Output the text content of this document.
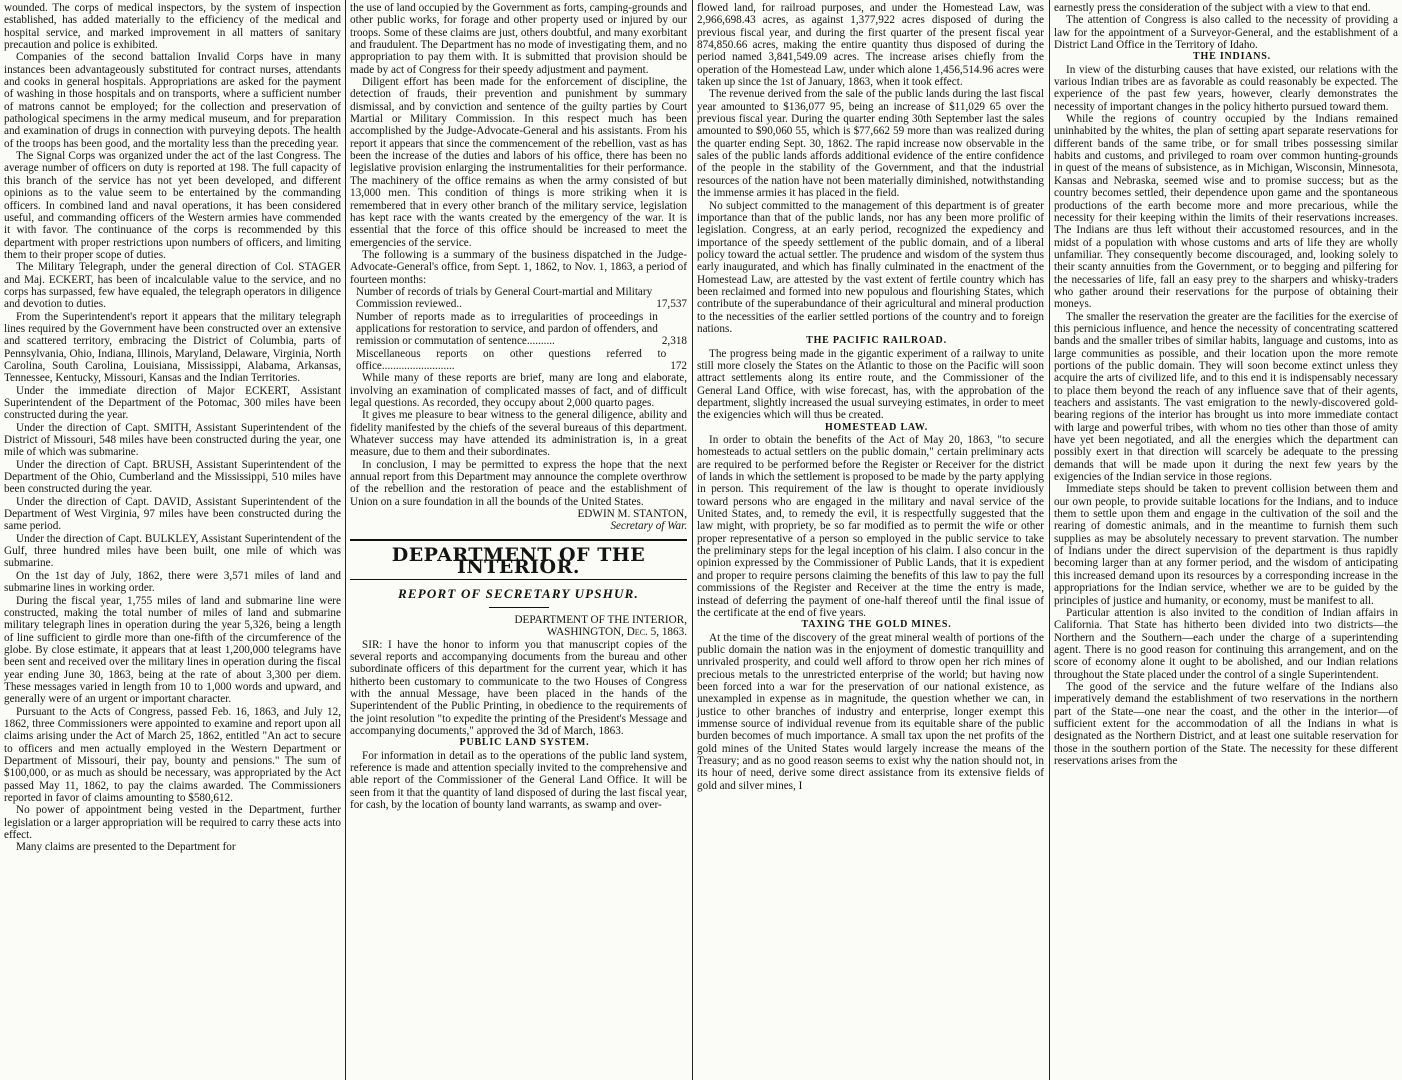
wounded. The corps of medical inspectors, by the system of inspection established, has added materially to the efficiency of the medical and hospital service, and marked improvement in all matters of sanitary precaution and police is exhibited.

Companies of the second battalion Invalid Corps have in many instances been advantageously substituted for contract nurses, attendants and cooks in general hospitals. Appropriations are asked for the payment of washing in those hospitals and on transports, where a sufficient number of matrons cannot be employed; for the collection and preservation of pathological specimens in the army medical museum, and for preparation and examination of drugs in connection with purveying depots. The health of the troops has been good, and the mortality less than the preceding year.

The Signal Corps was organized under the act of the last Congress. The average number of officers on duty is reported at 198. The full capacity of this branch of the service has not yet been developed, and different opinions as to the value seem to be entertained by the commanding officers. In combined land and naval operations, it has been considered useful, and commanding officers of the Western armies have commended it with favor. The continuance of the corps is recommended by this department with proper restrictions upon numbers of officers, and limiting them to their proper scope of duties.

The Military Telegraph, under the general direction of Col. STAGER and Maj. ECKERT, has been of incalculable value to the service, and no corps has surpassed, few have equaled, the telegraph operators in diligence and devotion to duties.

From the Superintendent's report it appears that the military telegraph lines required by the Government have been constructed over an extensive and scattered territory, embracing the District of Columbia, parts of Pennsylvania, Ohio, Indiana, Illinois, Maryland, Delaware, Virginia, North Carolina, South Carolina, Louisiana, Mississippi, Alabama, Arkansas, Tennessee, Kentucky, Missouri, Kansas and the Indian Territories.

Under the immediate direction of Major ECKERT, Assistant Superintendent of the Department of the Potomac, 300 miles have been constructed during the year.

Under the direction of Capt. SMITH, Assistant Superintendent of the District of Missouri, 548 miles have been constructed during the year, one mile of which was submarine.

Under the direction of Capt. BRUSH, Assistant Superintendent of the Department of the Ohio, Cumberland and the Mississippi, 510 miles have been constructed during the year.

Under the direction of Capt. DAVID, Assistant Superintendent of the Department of West Virginia, 97 miles have been constructed during the same period.

Under the direction of Capt. BULKLEY, Assistant Superintendent of the Gulf, three hundred miles have been built, one mile of which was submarine.

On the 1st day of July, 1862, there were 3,571 miles of land and submarine lines in working order.

During the fiscal year, 1,755 miles of land and submarine line were constructed, making the total number of miles of land and submarine military telegraph lines in operation during the year 5,326, being a length of line sufficient to girdle more than one-fifth of the circumference of the globe. By close estimate, it appears that at least 1,200,000 telegrams have been sent and received over the military lines in operation during the fiscal year ending June 30, 1863, being at the rate of about 3,300 per diem. These messages varied in length from 10 to 1,000 words and upward, and generally were of an urgent or important character.

Pursuant to the Acts of Congress, passed Feb. 16, 1863, and July 12, 1862, three Commissioners were appointed to examine and report upon all claims arising under the Act of March 25, 1862, entitled "An act to secure to officers and men actually employed in the Western Department or Department of Missouri, their pay, bounty and pensions." The sum of $100,000, or as much as should be necessary, was appropriated by the Act passed May 11, 1862, to pay the claims awarded. The Commissioners reported in favor of claims amounting to $580,612.

No power of appointment being vested in the Department, further legislation or a larger appropriation will be required to carry these acts into effect.

Many claims are presented to the Department for

the use of land occupied by the Government as forts, camping-grounds and other public works, for forage and other property used or injured by our troops. Some of these claims are just, others doubtful, and many exorbitant and fraudulent. The Department has no mode of investigating them, and no appropriation to pay them with. It is submitted that provision should be made by act of Congress for their speedy adjustment and payment.

Diligent effort has been made for the enforcement of discipline, the detection of frauds, their prevention and punishment by summary dismissal, and by conviction and sentence of the guilty parties by Court Martial or Military Commission. In this respect much has been accomplished by the Judge-Advocate-General and his assistants. From his report it appears that since the commencement of the rebellion, vast as has been the increase of the duties and labors of his office, there has been no legislative provision enlarging the instrumentalities for their performance. The machinery of the office remains as when the army consisted of but 13,000 men. This condition of things is more striking when it is remembered that in every other branch of the military service, legislation has kept race with the wants created by the emergency of the war. It is essential that the force of this office should be increased to meet the emergencies of the service.

The following is a summary of the business dispatched in the Judge-Advocate-General's office, from Sept. 1, 1862, to Nov. 1, 1863, a period of fourteen months:

Number of records of trials by General Court-martial and Military Commission reviewed..	17,537
Number of reports made as to irregularities of proceedings in applications for restoration to service, and pardon of offenders, and remission or commutation of sentence..........	2,318
Miscellaneous reports on other questions referred to office..........................	172

While many of these reports are brief, many are long and elaborate, involving an examination of complicated masses of fact, and of difficult legal questions. As recorded, they occupy about 2,000 quarto pages.

It gives me pleasure to bear witness to the general diligence, ability and fidelity manifested by the chiefs of the several bureaus of this department. Whatever success may have attended its administration is, in a great measure, due to them and their subordinates.

In conclusion, I may be permitted to express the hope that the next annual report from this Department may announce the complete overthrow of the rebellion and the restoration of peace and the establishment of Union on a sure foundation in all the bounds of the United States.

EDWIN M. STANTON,

Secretary of War.

DEPARTMENT OF THE INTERIOR.
REPORT OF SECRETARY UPSHUR.

DEPARTMENT OF THE INTERIOR,

WASHINGTON, Dec. 5, 1863.

SIR: I have the honor to inform you that manuscript copies of the several reports and accompanying documents from the bureau and other subordinate officers of this department for the current year, which it has hitherto been customary to communicate to the two Houses of Congress with the annual Message, have been placed in the hands of the Superintendent of the Public Printing, in obedience to the requirements of the joint resolution "to expedite the printing of the President's Message and accompanying documents," approved the 3d of March, 1863.

PUBLIC LAND SYSTEM.

For information in detail as to the operations of the public land system, reference is made and attention specially invited to the comprehensive and able report of the Commissioner of the General Land Office. It will be seen from it that the quantity of land disposed of during the last fiscal year, for cash, by the location of bounty land warrants, as swamp and over-

flowed land, for railroad purposes, and under the Homestead Law, was 2,966,698.43 acres, as against 1,377,922 acres disposed of during the previous fiscal year, and during the first quarter of the present fiscal year 874,850.66 acres, making the entire quantity thus disposed of during the period named 3,841,549.09 acres. The increase arises chiefly from the operation of the Homestead Law, under which alone 1,456,514.96 acres were taken up since the 1st of January, 1863, when it took effect.

The revenue derived from the sale of the public lands during the last fiscal year amounted to $136,077 95, being an increase of $11,029 65 over the previous fiscal year. During the quarter ending 30th September last the sales amounted to $90,060 55, which is $77,662 59 more than was realized during the quarter ending Sept. 30, 1862. The rapid increase now observable in the sales of the public lands affords additional evidence of the entire confidence of the people in the stability of the Government, and that the industrial resources of the nation have not been materially diminished, notwithstanding the immense armies it has placed in the field.

No subject committed to the management of this department is of greater importance than that of the public lands, nor has any been more prolific of legislation. Congress, at an early period, recognized the expediency and importance of the speedy settlement of the public domain, and of a liberal policy toward the actual settler. The prudence and wisdom of the system thus early inaugurated, and which has finally culminated in the enactment of the Homestead Law, are attested by the vast extent of fertile country which has been reclaimed and formed into new populous and flourishing States, which contribute of the superabundance of their agricultural and mineral production to the necessities of the earlier settled portions of the country and to foreign nations.

THE PACIFIC RAILROAD.

The progress being made in the gigantic experiment of a railway to unite still more closely the States on the Atlantic to those on the Pacific will soon attract settlements along its entire route, and the Commissioner of the General Land Office, with wise forecast, has, with the approbation of the department, slightly increased the usual surveying estimates, in order to meet the exigencies which will thus be created.

HOMESTEAD LAW.

In order to obtain the benefits of the Act of May 20, 1863, "to secure homesteads to actual settlers on the public domain," certain preliminary acts are required to be performed before the Register or Receiver for the district of lands in which the settlement is proposed to be made by the party applying in person. This requirement of the law is thought to operate invidiously toward persons who are engaged in the military and naval service of the United States, and, to remedy the evil, it is respectfully suggested that the law might, with propriety, be so far modified as to permit the wife or other proper representative of a person so employed in the public service to take the preliminary steps for the legal inception of his claim. I also concur in the opinion expressed by the Commissioner of Public Lands, that it is expedient and proper to require persons claiming the benefits of this law to pay the full commissions of the Register and Receiver at the time the entry is made, instead of deferring the payment of one-half thereof until the final issue of the certificate at the end of five years.

TAXING THE GOLD MINES.

At the time of the discovery of the great mineral wealth of portions of the public domain the nation was in the enjoyment of domestic tranquillity and unrivaled prosperity, and could well afford to throw open her rich mines of precious metals to the unrestricted enterprise of the world; but having now been forced into a war for the preservation of our national existence, as unexampled in expense as in magnitude, the question whether we can, in justice to other branches of industry and enterprise, longer exempt this immense source of individual revenue from its equitable share of the public burden becomes of much importance. A small tax upon the net profits of the gold mines of the United States would largely increase the means of the Treasury; and as no good reason seems to exist why the nation should not, in its hour of need, derive some direct assistance from its extensive fields of gold and silver mines, I

earnestly press the consideration of the subject with a view to that end.

The attention of Congress is also called to the necessity of providing a law for the appointment of a Surveyor-General, and the establishment of a District Land Office in the Territory of Idaho.

THE INDIANS.

In view of the disturbing causes that have existed, our relations with the various Indian tribes are as favorable as could reasonably be expected. The experience of the past few years, however, clearly demonstrates the necessity of important changes in the policy hitherto pursued toward them.

While the regions of country occupied by the Indians remained uninhabited by the whites, the plan of setting apart separate reservations for different bands of the same tribe, or for small tribes possessing similar habits and customs, and privileged to roam over common hunting-grounds in quest of the means of subsistence, as in Michigan, Wisconsin, Minnesota, Kansas and Nebraska, seemed wise and to promise success; but as the country becomes settled, their dependence upon game and the spontaneous productions of the earth become more and more precarious, while the necessity for their keeping within the limits of their reservations increases. The Indians are thus left without their accustomed resources, and in the midst of a population with whose customs and arts of life they are wholly unfamiliar. They consequently become discouraged, and, looking solely to their scanty annuities from the Government, or to begging and pilfering for the necessaries of life, fall an easy prey to the sharpers and whisky-traders who gather around their reservations for the purpose of obtaining their moneys.

The smaller the reservation the greater are the facilities for the exercise of this pernicious influence, and hence the necessity of concentrating scattered bands and the smaller tribes of similar habits, language and customs, into as large communities as possible, and their location upon the more remote portions of the public domain. They will soon become extinct unless they acquire the arts of civilized life, and to this end it is indispensably necessary to place them beyond the reach of any influence save that of their agents, teachers and assistants. The vast emigration to the newly-discovered gold-bearing regions of the interior has brought us into more immediate contact with large and powerful tribes, with whom no ties other than those of amity have yet been negotiated, and all the energies which the department can possibly exert in that direction will scarcely be adequate to the pressing demands that will be made upon it during the next few years by the exigencies of the Indian service in those regions.

Immediate steps should be taken to prevent collision between them and our own people, to provide suitable locations for the Indians, and to induce them to settle upon them and engage in the cultivation of the soil and the rearing of domestic animals, and in the meantime to furnish them such supplies as may be absolutely necessary to prevent starvation. The number of Indians under the direct supervision of the department is thus rapidly becoming larger than at any former period, and the wisdom of anticipating this increased demand upon its resources by a corresponding increase in the appropriations for the Indian service, whether we are to be guided by the principles of justice and humanity, or economy, must be manifest to all.

Particular attention is also invited to the condition of Indian affairs in California. That State has hitherto been divided into two districts—the Northern and the Southern—each under the charge of a superintending agent. There is no good reason for continuing this arrangement, and on the score of economy alone it ought to be abolished, and our Indian relations throughout the State placed under the control of a single Superintendent.

The good of the service and the future welfare of the Indians also imperatively demand the establishment of two reservations in the northern part of the State—one near the coast, and the other in the interior—of sufficient extent for the accommodation of all the Indians in what is designated as the Northern District, and at least one suitable reservation for those in the southern portion of the State. The necessity for these different reservations arises from the
